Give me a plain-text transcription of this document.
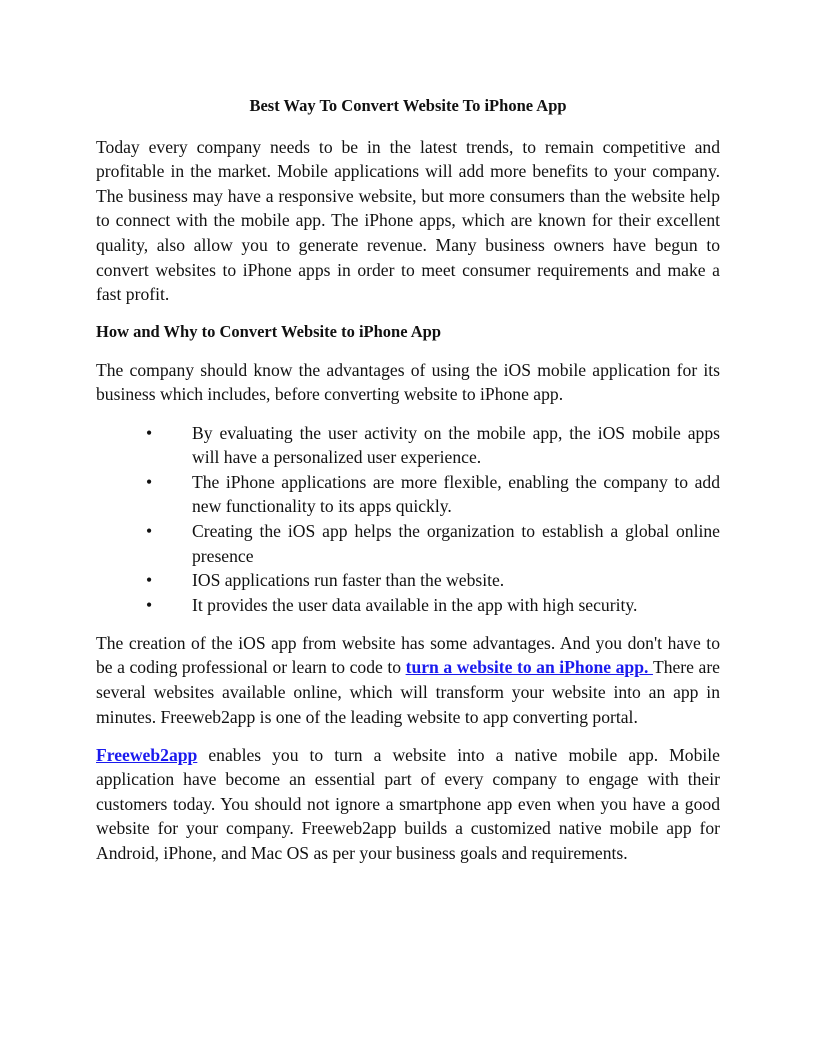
Best Way To Convert Website To iPhone App

Today every company needs to be in the latest trends, to remain competitive and
profitable in the market. Mobile applications will add more benefits to your company.
The business may have a responsive website, but more consumers than the website help
to connect with the mobile app. The iPhone apps, which are known for their excellent
quality, also allow you to generate revenue. Many business owners have begun to
convert websites to iPhone apps in order to meet consumer requirements and make a
fast profit.

How and Why to Convert Website to iPhone App

The company should know the advantages of using the iOS mobile application for its
business which includes, before converting website to iPhone app.

• By evaluating the user activity on the mobile app, the iOS mobile apps
will have a personalized user experience.
• The iPhone applications are more flexible, enabling the company to add
new functionality to its apps quickly.
• Creating the iOS app helps the organization to establish a global online
presence
• IOS applications run faster than the website.
• It provides the user data available in the app with high security.

The creation of the iOS app from website has some advantages. And you don't have to
be a coding professional or learn to code to turn a website to an iPhone app. There are
several websites available online, which will transform your website into an app in
minutes. Freeweb2app is one of the leading website to app converting portal.

Freeweb2app enables you to turn a website into a native mobile app. Mobile
application have become an essential part of every company to engage with their
customers today. You should not ignore a smartphone app even when you have a good
website for your company. Freeweb2app builds a customized native mobile app for
Android, iPhone, and Mac OS as per your business goals and requirements.
